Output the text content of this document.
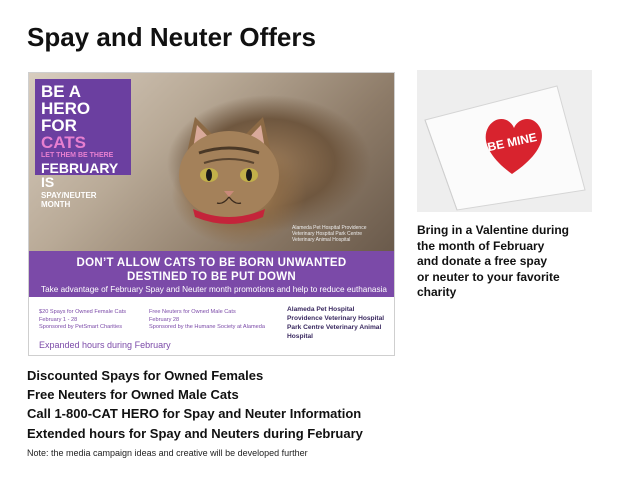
Spay and Neuter Offers
BE A HERO
FOR CATS
LET THEM BE THERE
FEBRUARY IS
SPAY/NEUTER MONTH
Alameda Pet Hospital Providence Veterinary Hospital Park Centre Veterinary Animal Hospital
DON’T ALLOW CATS TO BE BORN UNWANTED
DESTINED TO BE PUT DOWN
Take advantage of February Spay and Neuter month promotions and help to reduce euthanasia
$20 Spays for Owned Female Cats
February 1 - 28
Sponsored by PetSmart Charities
Free Neuters for Owned Male Cats
February 28
Sponsored by the Humane Society at Alameda
Alameda Pet Hospital
Providence Veterinary Hospital
Park Centre Veterinary Animal Hospital
Expanded hours during February
BE MINE
Bring in a Valentine during
the month of February
and donate a free spay
or neuter to your favorite
charity
Discounted Spays for Owned Females
Free Neuters for Owned Male Cats
Call 1-800-CAT HERO for Spay and Neuter Information
Extended hours for Spay and Neuters during February
Note: the media campaign ideas and creative will be developed further
